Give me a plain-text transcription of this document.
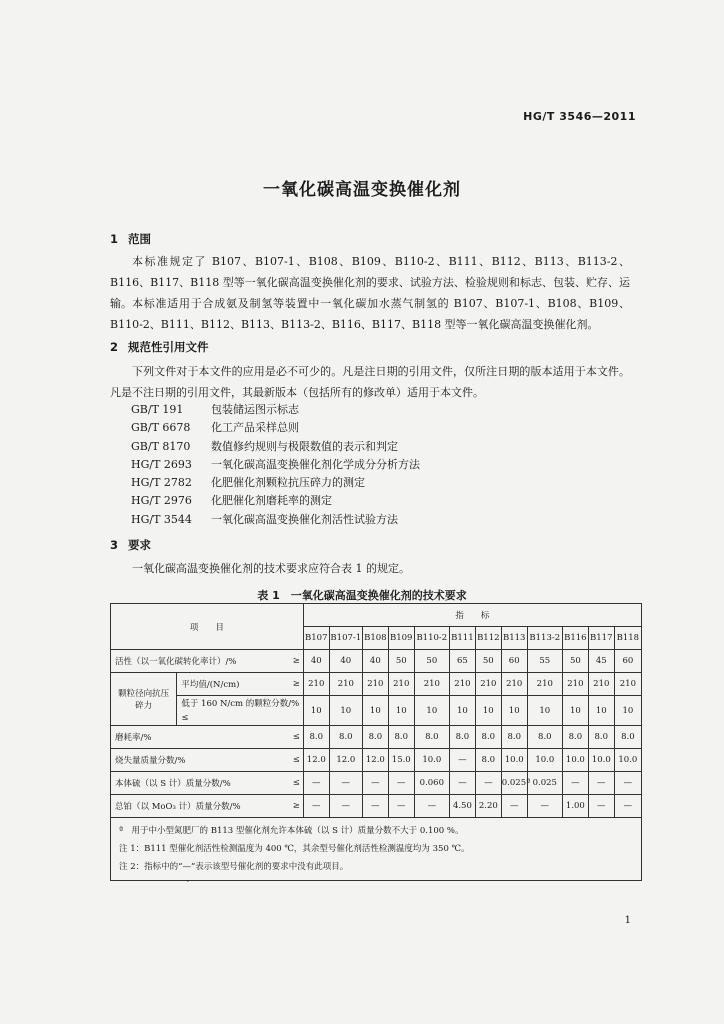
HG/T 3546—2011
一氧化碳高温变换催化剂
1 范围
本标准规定了 B107、B107-1、B108、B109、B110-2、B111、B112、B113、B113-2、B116、B117、B118 型等一氧化碳高温变换催化剂的要求、试验方法、检验规则和标志、包装、贮存、运输。 本标准适用于合成氨及制氢等装置中一氧化碳加水蒸气制氢的 B107、B107-1、B108、B109、B110-2、B111、B112、B113、B113-2、B116、B117、B118 型等一氧化碳高温变换催化剂。
2 规范性引用文件
下列文件对于本文件的应用是必不可少的。凡是注日期的引用文件，仅所注日期的版本适用于本文件。凡是不注日期的引用文件，其最新版本（包括所有的修改单）适用于本文件。
GB/T 191	包装储运图示标志
GB/T 6678 化工产品采样总则
GB/T 8170 数值修约规则与极限数值的表示和判定
HG/T 2693 一氧化碳高温变换催化剂化学成分分析方法
HG/T 2782 化肥催化剂颗粒抗压碎力的测定
HG/T 2976 化肥催化剂磨耗率的测定
HG/T 3544 一氧化碳高温变换催化剂活性试验方法
3 要求
一氧化碳高温变换催化剂的技术要求应符合表 1 的规定。
表 1　一氧化碳高温变换催化剂的技术要求
项　　目			指　　标											
			B107	B107-1	B108	B109	B110-2	B111	B112	B113	B113-2	B116	B117	B118
活性（以一氧化碳转化率计）/%		≥	40	40	40	50	50	65	50	60	55	50	45	60
颗粒径向抗压碎力	平均值/(N/cm)	≥	210	210	210	210	210	210	210	210	210	210	210	210
	低于 160 N/cm 的颗粒分数/% ≤		10	10	10	10	10	10	10	10	10	10	10	10
磨耗率/%		≤	8.0	8.0	8.0	8.0	8.0	8.0	8.0	8.0	8.0	8.0	8.0	8.0
烧失量质量分数/%		≤	12.0	12.0	12.0	15.0	10.0	—	8.0	10.0	10.0	10.0	10.0	10.0
本体硫（以 S 计）质量分数/%		≤	—	—	—	—	0.060	—	—	0.025ª	0.025	—	—	—
总铂（以 MoO₃ 计）质量分数/%		≥	—	—	—	—	—	4.50	2.20	—	—	1.00	—	—

ª　用于中小型氮肥厂的 B113 型催化剂允许本体硫（以 S 计）质量分数不大于 0.100 %。
注 1：B111 型催化剂活性检测温度为 400 ℃，其余型号催化剂活性检测温度均为 350 ℃。
注 2：指标中的“—”表示该型号催化剂的要求中没有此项目。														
、
1
